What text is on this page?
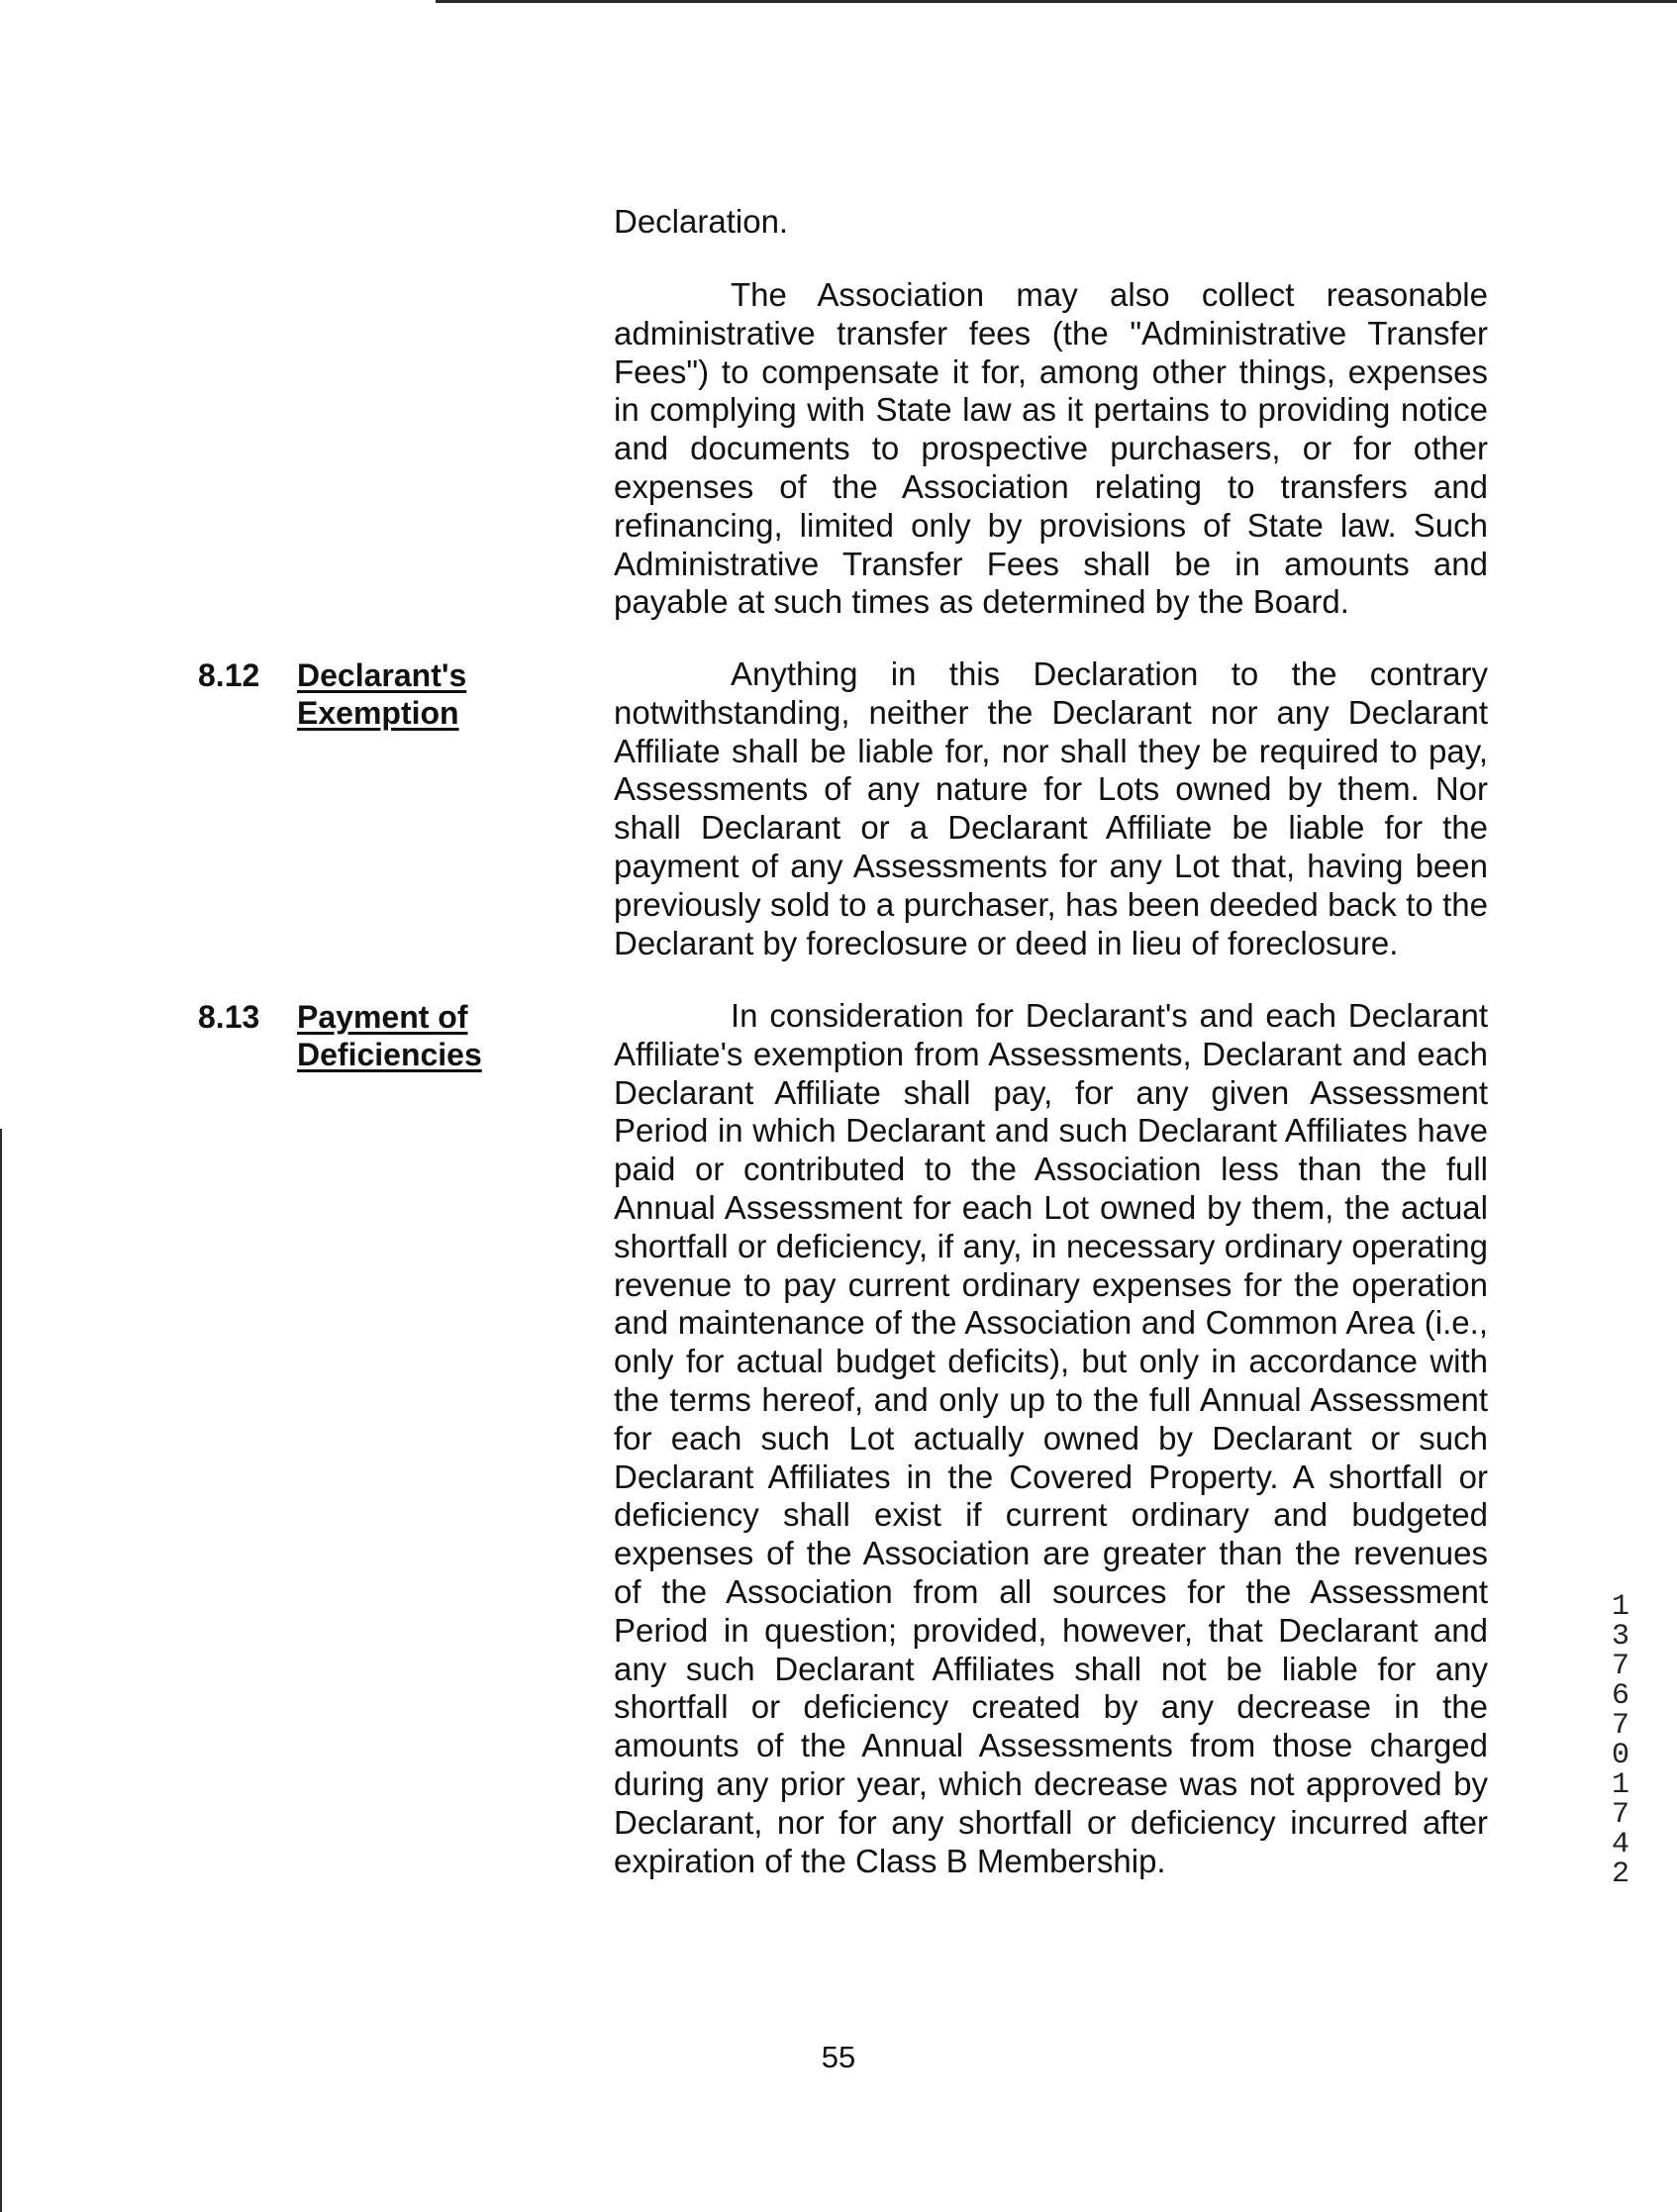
Declaration.

The Association may also collect reasonable administrative transfer fees (the "Administrative Transfer Fees") to compensate it for, among other things, expenses in complying with State law as it pertains to providing notice and documents to prospective purchasers, or for other expenses of the Association relating to transfers and refinancing, limited only by provisions of State law. Such Administrative Transfer Fees shall be in amounts and payable at such times as determined by the Board.

8.12 Declarant's

Exemption

Anything in this Declaration to the contrary notwithstanding, neither the Declarant nor any Declarant Affiliate shall be liable for, nor shall they be required to pay, Assessments of any nature for Lots owned by them. Nor shall Declarant or a Declarant Affiliate be liable for the payment of any Assessments for any Lot that, having been previously sold to a purchaser, has been deeded back to the Declarant by foreclosure or deed in lieu of foreclosure.

8.13 Payment of

Deficiencies

In consideration for Declarant's and each Declarant Affiliate's exemption from Assessments, Declarant and each Declarant Affiliate shall pay, for any given Assessment Period in which Declarant and such Declarant Affiliates have paid or contributed to the Association less than the full Annual Assessment for each Lot owned by them, the actual shortfall or deficiency, if any, in necessary ordinary operating revenue to pay current ordinary expenses for the operation and maintenance of the Association and Common Area (i.e., only for actual budget deficits), but only in accordance with the terms hereof, and only up to the full Annual Assessment for each such Lot actually owned by Declarant or such Declarant Affiliates in the Covered Property. A shortfall or deficiency shall exist if current ordinary and budgeted expenses of the Association are greater than the revenues of the Association from all sources for the Assessment Period in question; provided, however, that Declarant and any such Declarant Affiliates shall not be liable for any shortfall or deficiency created by any decrease in the amounts of the Annual Assessments from those charged during any prior year, which decrease was not approved by Declarant, nor for any shortfall or deficiency incurred after expiration of the Class B Membership.

55

13767 01742
